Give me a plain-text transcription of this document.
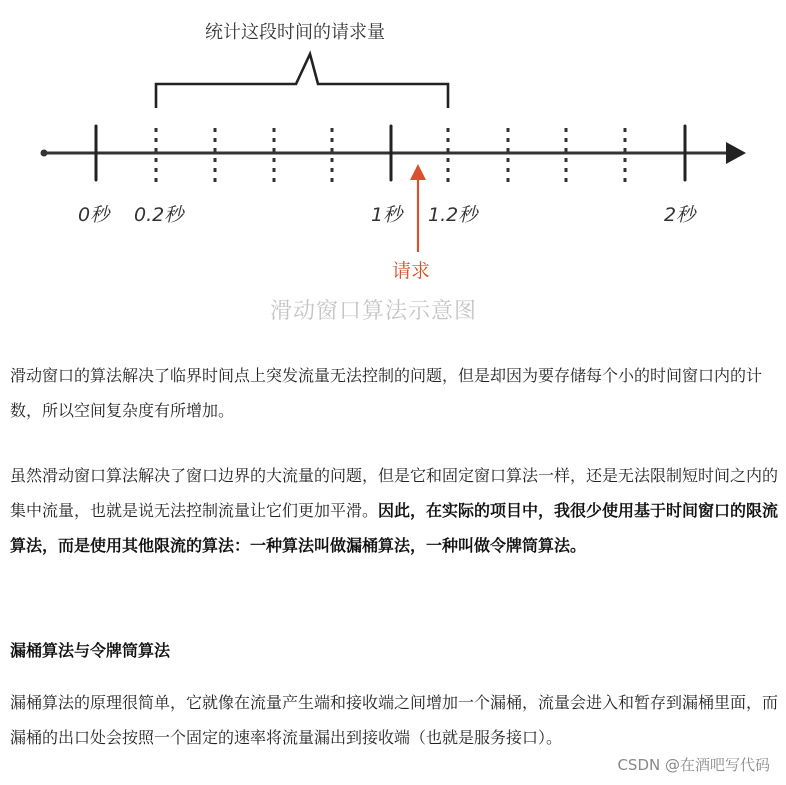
统计这段时间的请求量
0秒 0.2秒	1秒 1.2秒	2秒
请求
滑动窗口算法示意图

滑动窗口的算法解决了临界时间点上突发流量无法控制的问题，但是却因为要存储每个小的时间窗口内的计数，所以空间复杂度有所增加。

虽然滑动窗口算法解决了窗口边界的大流量的问题，但是它和固定窗口算法一样，还是无法限制短时间之内的集中流量，也就是说无法控制流量让它们更加平滑。因此，在实际的项目中，我很少使用基于时间窗口的限流算法，而是使用其他限流的算法：一种算法叫做漏桶算法，一种叫做令牌筒算法。

漏桶算法与令牌筒算法

漏桶算法的原理很简单，它就像在流量产生端和接收端之间增加一个漏桶，流量会进入和暂存到漏桶里面，而漏桶的出口处会按照一个固定的速率将流量漏出到接收端（也就是服务接口）。

CSDN @在酒吧写代码
